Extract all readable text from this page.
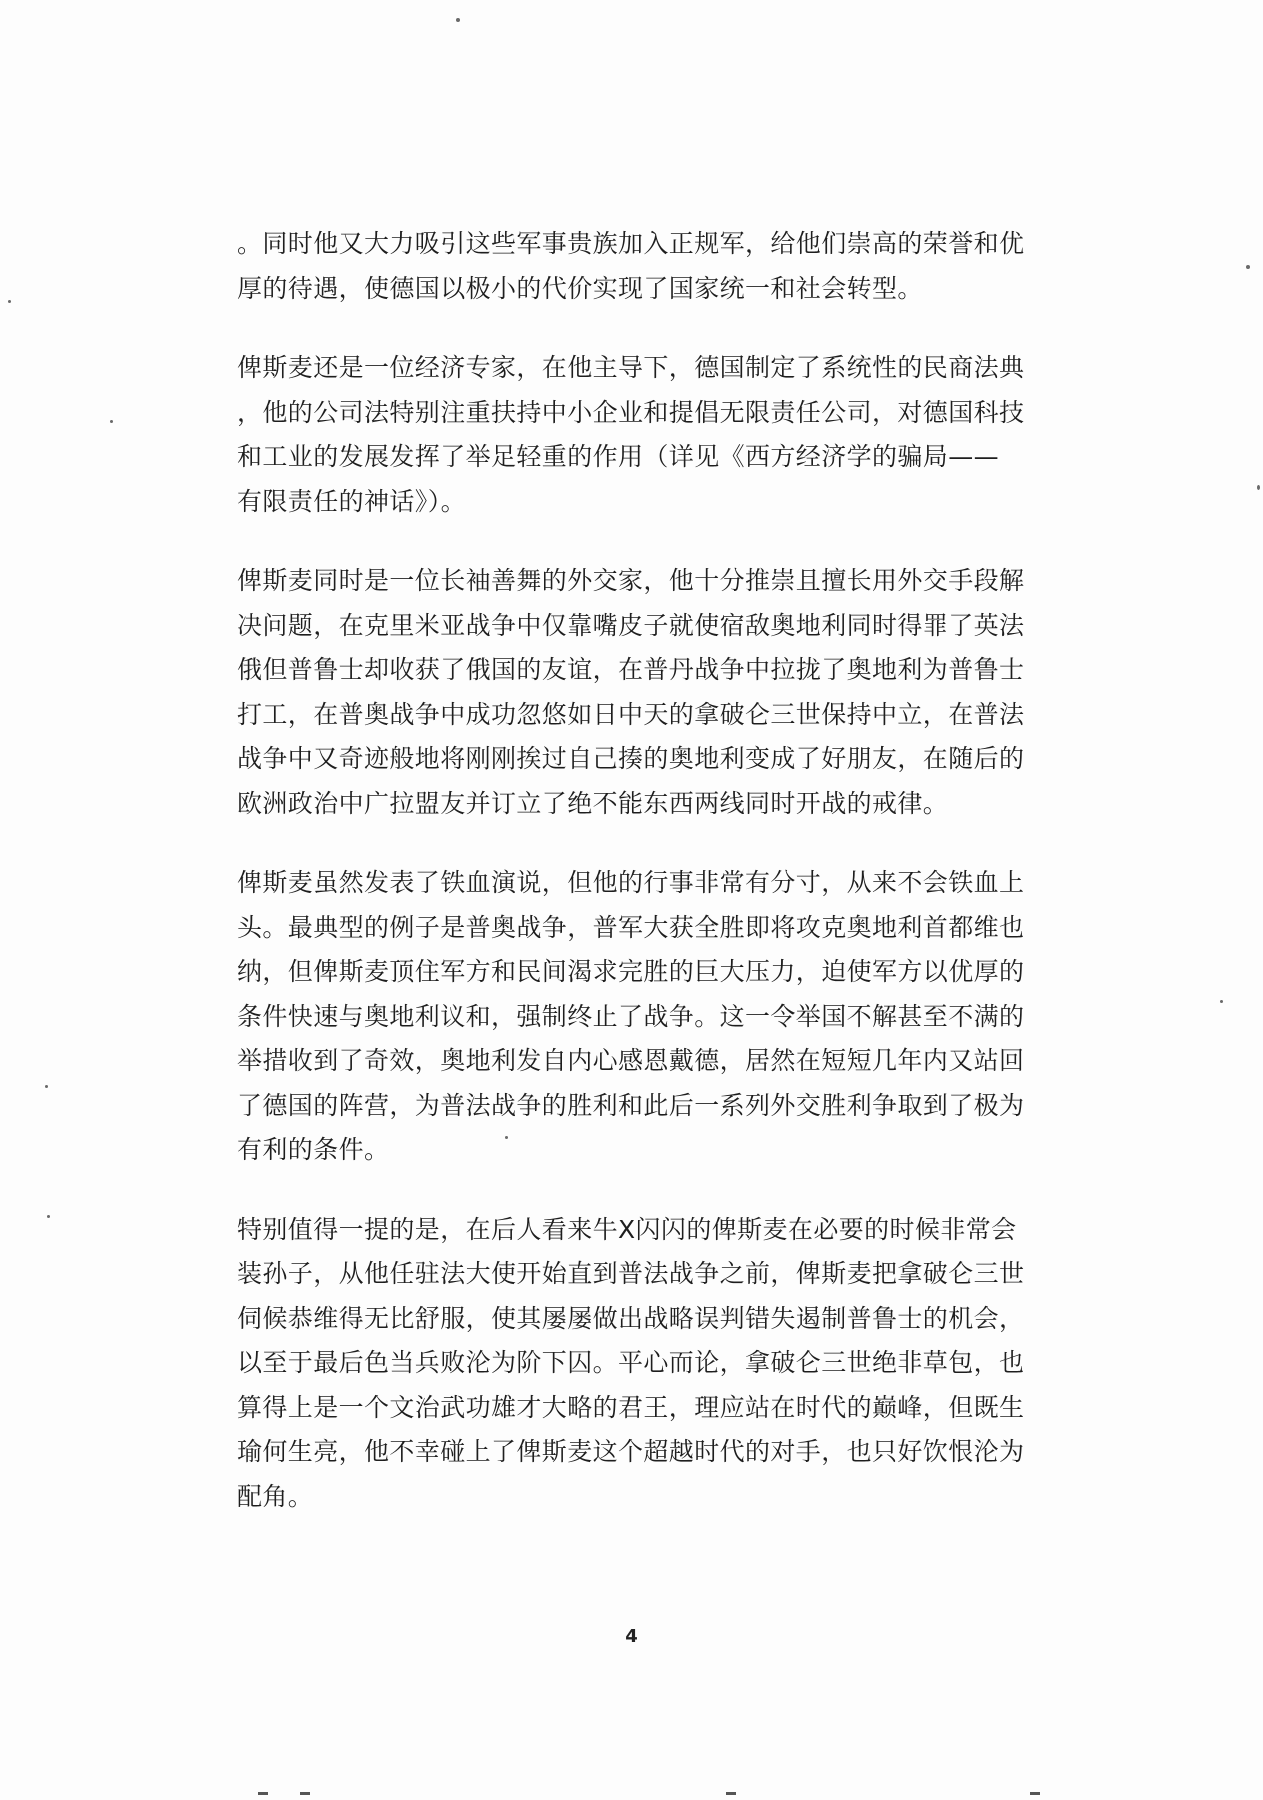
。同时他又大力吸引这些军事贵族加入正规军，给他们崇高的荣誉和优
厚的待遇，使德国以极小的代价实现了国家统一和社会转型。
俾斯麦还是一位经济专家，在他主导下，德国制定了系统性的民商法典
，他的公司法特别注重扶持中小企业和提倡无限责任公司，对德国科技
和工业的发展发挥了举足轻重的作用（详见《西方经济学的骗局——
有限责任的神话》）。
俾斯麦同时是一位长袖善舞的外交家，他十分推崇且擅长用外交手段解
决问题，在克里米亚战争中仅靠嘴皮子就使宿敌奥地利同时得罪了英法
俄但普鲁士却收获了俄国的友谊，在普丹战争中拉拢了奥地利为普鲁士
打工，在普奥战争中成功忽悠如日中天的拿破仑三世保持中立，在普法
战争中又奇迹般地将刚刚挨过自己揍的奥地利变成了好朋友，在随后的
欧洲政治中广拉盟友并订立了绝不能东西两线同时开战的戒律。
俾斯麦虽然发表了铁血演说，但他的行事非常有分寸，从来不会铁血上
头。最典型的例子是普奥战争，普军大获全胜即将攻克奥地利首都维也
纳，但俾斯麦顶住军方和民间渴求完胜的巨大压力，迫使军方以优厚的
条件快速与奥地利议和，强制终止了战争。这一令举国不解甚至不满的
举措收到了奇效，奥地利发自内心感恩戴德，居然在短短几年内又站回
了德国的阵营，为普法战争的胜利和此后一系列外交胜利争取到了极为
有利的条件。
特别值得一提的是，在后人看来牛X闪闪的俾斯麦在必要的时候非常会
装孙子，从他任驻法大使开始直到普法战争之前，俾斯麦把拿破仑三世
伺候恭维得无比舒服，使其屡屡做出战略误判错失遏制普鲁士的机会，
以至于最后色当兵败沦为阶下囚。平心而论，拿破仑三世绝非草包，也
算得上是一个文治武功雄才大略的君王，理应站在时代的巅峰，但既生
瑜何生亮，他不幸碰上了俾斯麦这个超越时代的对手，也只好饮恨沦为
配角。
4
